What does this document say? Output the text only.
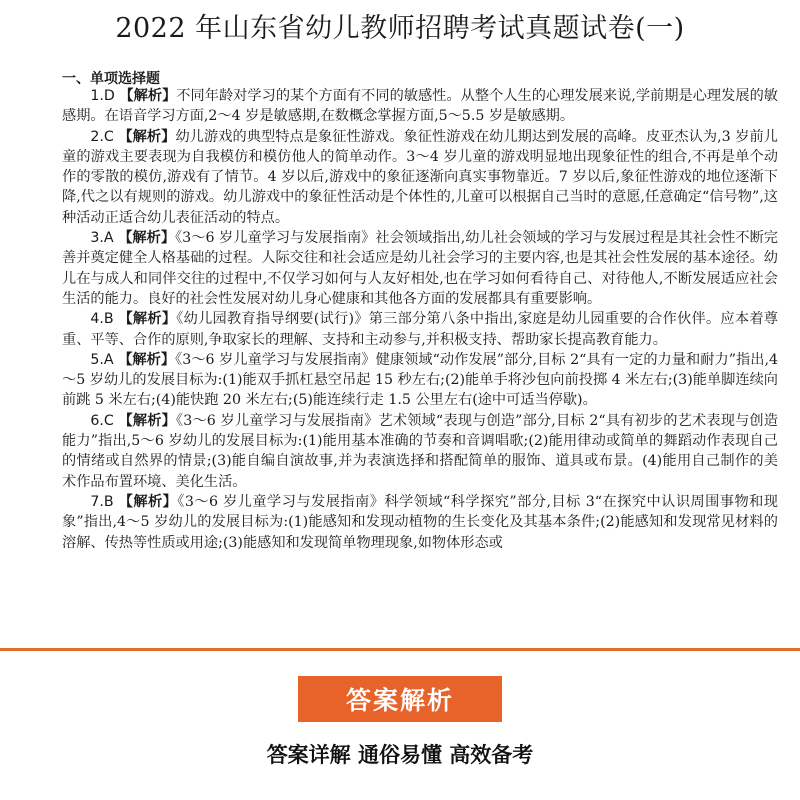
2022 年山东省幼儿教师招聘考试真题试卷(一)
一、单项选择题

1.D 【解析】不同年龄对学习的某个方面有不同的敏感性。从整个人生的心理发展来说,学前期是心理发展的敏感期。在语音学习方面,2～4 岁是敏感期,在数概念掌握方面,5～5.5 岁是敏感期。

2.C 【解析】幼儿游戏的典型特点是象征性游戏。象征性游戏在幼儿期达到发展的高峰。皮亚杰认为,3 岁前儿童的游戏主要表现为自我模仿和模仿他人的简单动作。3～4 岁儿童的游戏明显地出现象征性的组合,不再是单个动作的零散的模仿,游戏有了情节。4 岁以后,游戏中的象征逐渐向真实事物靠近。7 岁以后,象征性游戏的地位逐渐下降,代之以有规则的游戏。幼儿游戏中的象征性活动是个体性的,儿童可以根据自己当时的意愿,任意确定“信号物”,这种活动正适合幼儿表征活动的特点。

3.A 【解析】《3～6 岁儿童学习与发展指南》社会领域指出,幼儿社会领域的学习与发展过程是其社会性不断完善并奠定健全人格基础的过程。人际交往和社会适应是幼儿社会学习的主要内容,也是其社会性发展的基本途径。幼儿在与成人和同伴交往的过程中,不仅学习如何与人友好相处,也在学习如何看待自己、对待他人,不断发展适应社会生活的能力。良好的社会性发展对幼儿身心健康和其他各方面的发展都具有重要影响。

4.B 【解析】《幼儿园教育指导纲要(试行)》第三部分第八条中指出,家庭是幼儿园重要的合作伙伴。应本着尊重、平等、合作的原则,争取家长的理解、支持和主动参与,并积极支持、帮助家长提高教育能力。

5.A 【解析】《3～6 岁儿童学习与发展指南》健康领域“动作发展”部分,目标 2“具有一定的力量和耐力”指出,4～5 岁幼儿的发展目标为:(1)能双手抓杠悬空吊起 15 秒左右;(2)能单手将沙包向前投掷 4 米左右;(3)能单脚连续向前跳 5 米左右;(4)能快跑 20 米左右;(5)能连续行走 1.5 公里左右(途中可适当停歇)。

6.C 【解析】《3～6 岁儿童学习与发展指南》艺术领域“表现与创造”部分,目标 2“具有初步的艺术表现与创造能力”指出,5～6 岁幼儿的发展目标为:(1)能用基本准确的节奏和音调唱歌;(2)能用律动或简单的舞蹈动作表现自己的情绪或自然界的情景;(3)能自编自演故事,并为表演选择和搭配简单的服饰、道具或布景。(4)能用自己制作的美术作品布置环境、美化生活。

7.B 【解析】《3～6 岁儿童学习与发展指南》科学领域“科学探究”部分,目标 3“在探究中认识周围事物和现象”指出,4～5 岁幼儿的发展目标为:(1)能感知和发现动植物的生长变化及其基本条件;(2)能感知和发现常见材料的溶解、传热等性质或用途;(3)能感知和发现简单物理现象,如物体形态或

答案解析
答案详解 通俗易懂 高效备考
